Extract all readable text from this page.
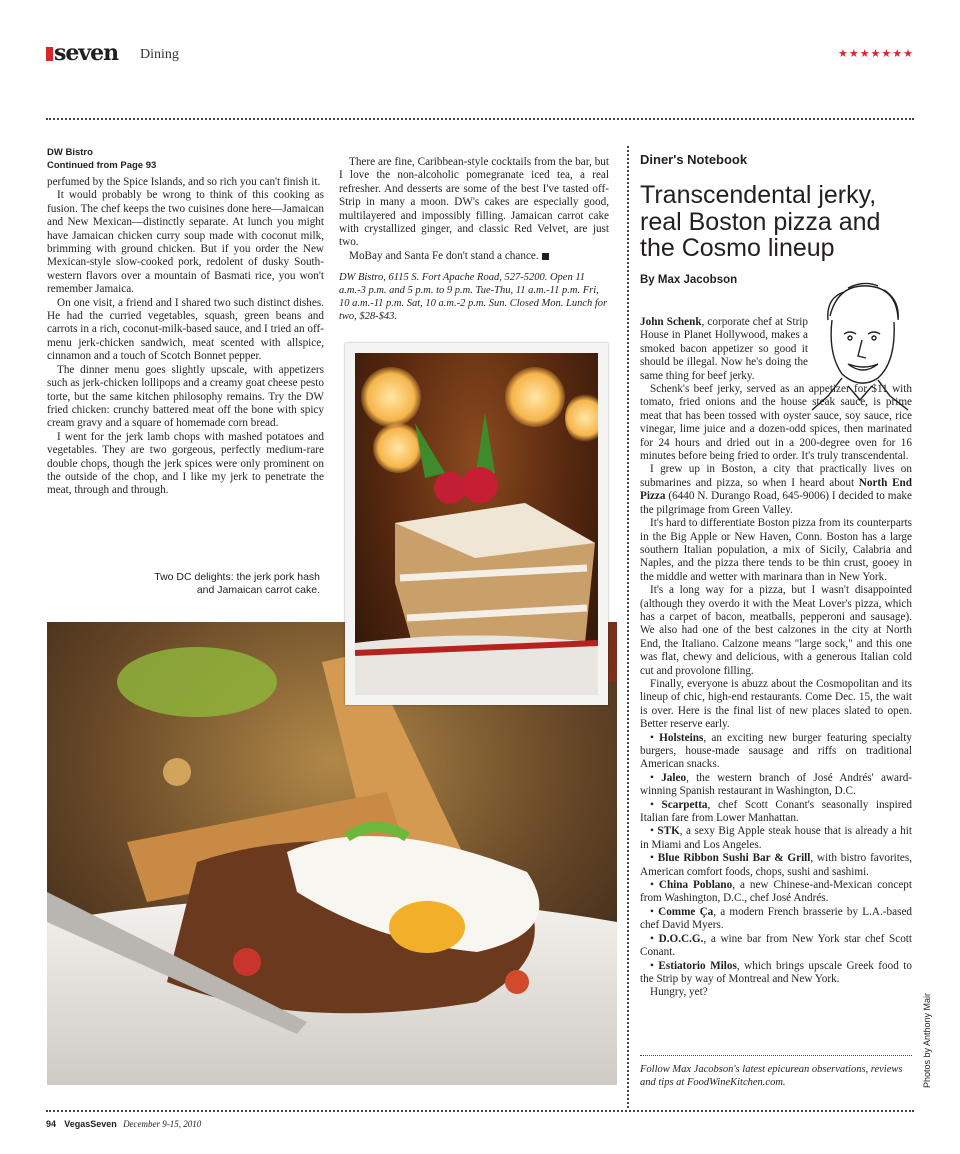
seven Dining	★★★★★★★
DW Bistro
Continued from Page 93

perfumed by the Spice Islands, and so rich you can't finish it.

It would probably be wrong to think of this cooking as fusion. The chef keeps the two cuisines done here—Jamaican and New Mexican—distinctly separate. At lunch you might have Jamaican chicken curry soup made with coconut milk, brimming with ground chicken. But if you order the New Mexican-style slow-cooked pork, redolent of dusky South-western flavors over a mountain of Basmati rice, you won't remember Jamaica.

On one visit, a friend and I shared two such distinct dishes. He had the curried vegetables, squash, green beans and carrots in a rich, coconut-milk-based sauce, and I tried an off-menu jerk-chicken sandwich, meat scented with allspice, cinnamon and a touch of Scotch Bonnet pepper.

The dinner menu goes slightly upscale, with appetizers such as jerk-chicken lollipops and a creamy goat cheese pesto torte, but the same kitchen philosophy remains. Try the DW fried chicken: crunchy battered meat off the bone with spicy cream gravy and a square of homemade corn bread.

I went for the jerk lamb chops with mashed potatoes and vegetables. They are two gorgeous, perfectly medium-rare double chops, though the jerk spices were only prominent on the outside of the chop, and I like my jerk to penetrate the meat, through and through.

Two DC delights: the jerk pork hash
and Jamaican carrot cake.

There are fine, Caribbean-style cocktails from the bar, but I love the non-alcoholic pomegranate iced tea, a real refresher. And desserts are some of the best I've tasted off-Strip in many a moon. DW's cakes are especially good, multilayered and impossibly filling. Jamaican carrot cake with crystallized ginger, and classic Red Velvet, are just two.

MoBay and Santa Fe don't stand a chance.

DW Bistro, 6115 S. Fort Apache Road, 527-5200. Open 11 a.m.-3 p.m. and 5 p.m. to 9 p.m. Tue-Thu, 11 a.m.-11 p.m. Fri, 10 a.m.-11 p.m. Sat, 10 a.m.-2 p.m. Sun. Closed Mon. Lunch for two, $28-$43.
Diner's Notebook
Transcendental jerky, real Boston pizza and the Cosmo lineup
By Max Jacobson

John Schenk, corporate chef at Strip House in Planet Hollywood, makes a smoked bacon appetizer so good it should be illegal. Now he's doing the same thing for beef jerky.

Schenk's beef jerky, served as an appetizer for $11 with tomato, fried onions and the house steak sauce, is prime meat that has been tossed with oyster sauce, soy sauce, rice vinegar, lime juice and a dozen-odd spices, then marinated for 24 hours and dried out in a 200-degree oven for 16 minutes before being fried to order. It's truly transcendental.

I grew up in Boston, a city that practically lives on submarines and pizza, so when I heard about North End Pizza (6440 N. Durango Road, 645-9006) I decided to make the pilgrimage from Green Valley.

It's hard to differentiate Boston pizza from its counterparts in the Big Apple or New Haven, Conn. Boston has a large southern Italian population, a mix of Sicily, Calabria and Naples, and the pizza there tends to be thin crust, gooey in the middle and wetter with marinara than in New York.

It's a long way for a pizza, but I wasn't disappointed (although they overdo it with the Meat Lover's pizza, which has a carpet of bacon, meatballs, pepperoni and sausage). We also had one of the best calzones in the city at North End, the Italiano. Calzone means "large sock," and this one was flat, chewy and delicious, with a generous Italian cold cut and provolone filling.

Finally, everyone is abuzz about the Cosmopolitan and its lineup of chic, high-end restaurants. Come Dec. 15, the wait is over. Here is the final list of new places slated to open. Better reserve early.

• Holsteins, an exciting new burger featuring specialty burgers, house-made sausage and riffs on traditional American snacks.

• Jaleo, the western branch of José Andrés' award-winning Spanish restaurant in Washington, D.C.

• Scarpetta, chef Scott Conant's seasonally inspired Italian fare from Lower Manhattan.

• STK, a sexy Big Apple steak house that is already a hit in Miami and Los Angeles.

• Blue Ribbon Sushi Bar & Grill, with bistro favorites, American comfort foods, chops, sushi and sashimi.

• China Poblano, a new Chinese-and-Mexican concept from Washington, D.C., chef José Andrés.

• Comme Ça, a modern French brasserie by L.A.-based chef David Myers.

• D.O.C.G., a wine bar from New York star chef Scott Conant.

• Estiatorio Milos, which brings upscale Greek food to the Strip by way of Montreal and New York.

Hungry, yet?

Follow Max Jacobson's latest epicurean observations, reviews and tips at FoodWineKitchen.com.	Photos by Anthony Mair
94 VegasSeven December 9-15, 2010
